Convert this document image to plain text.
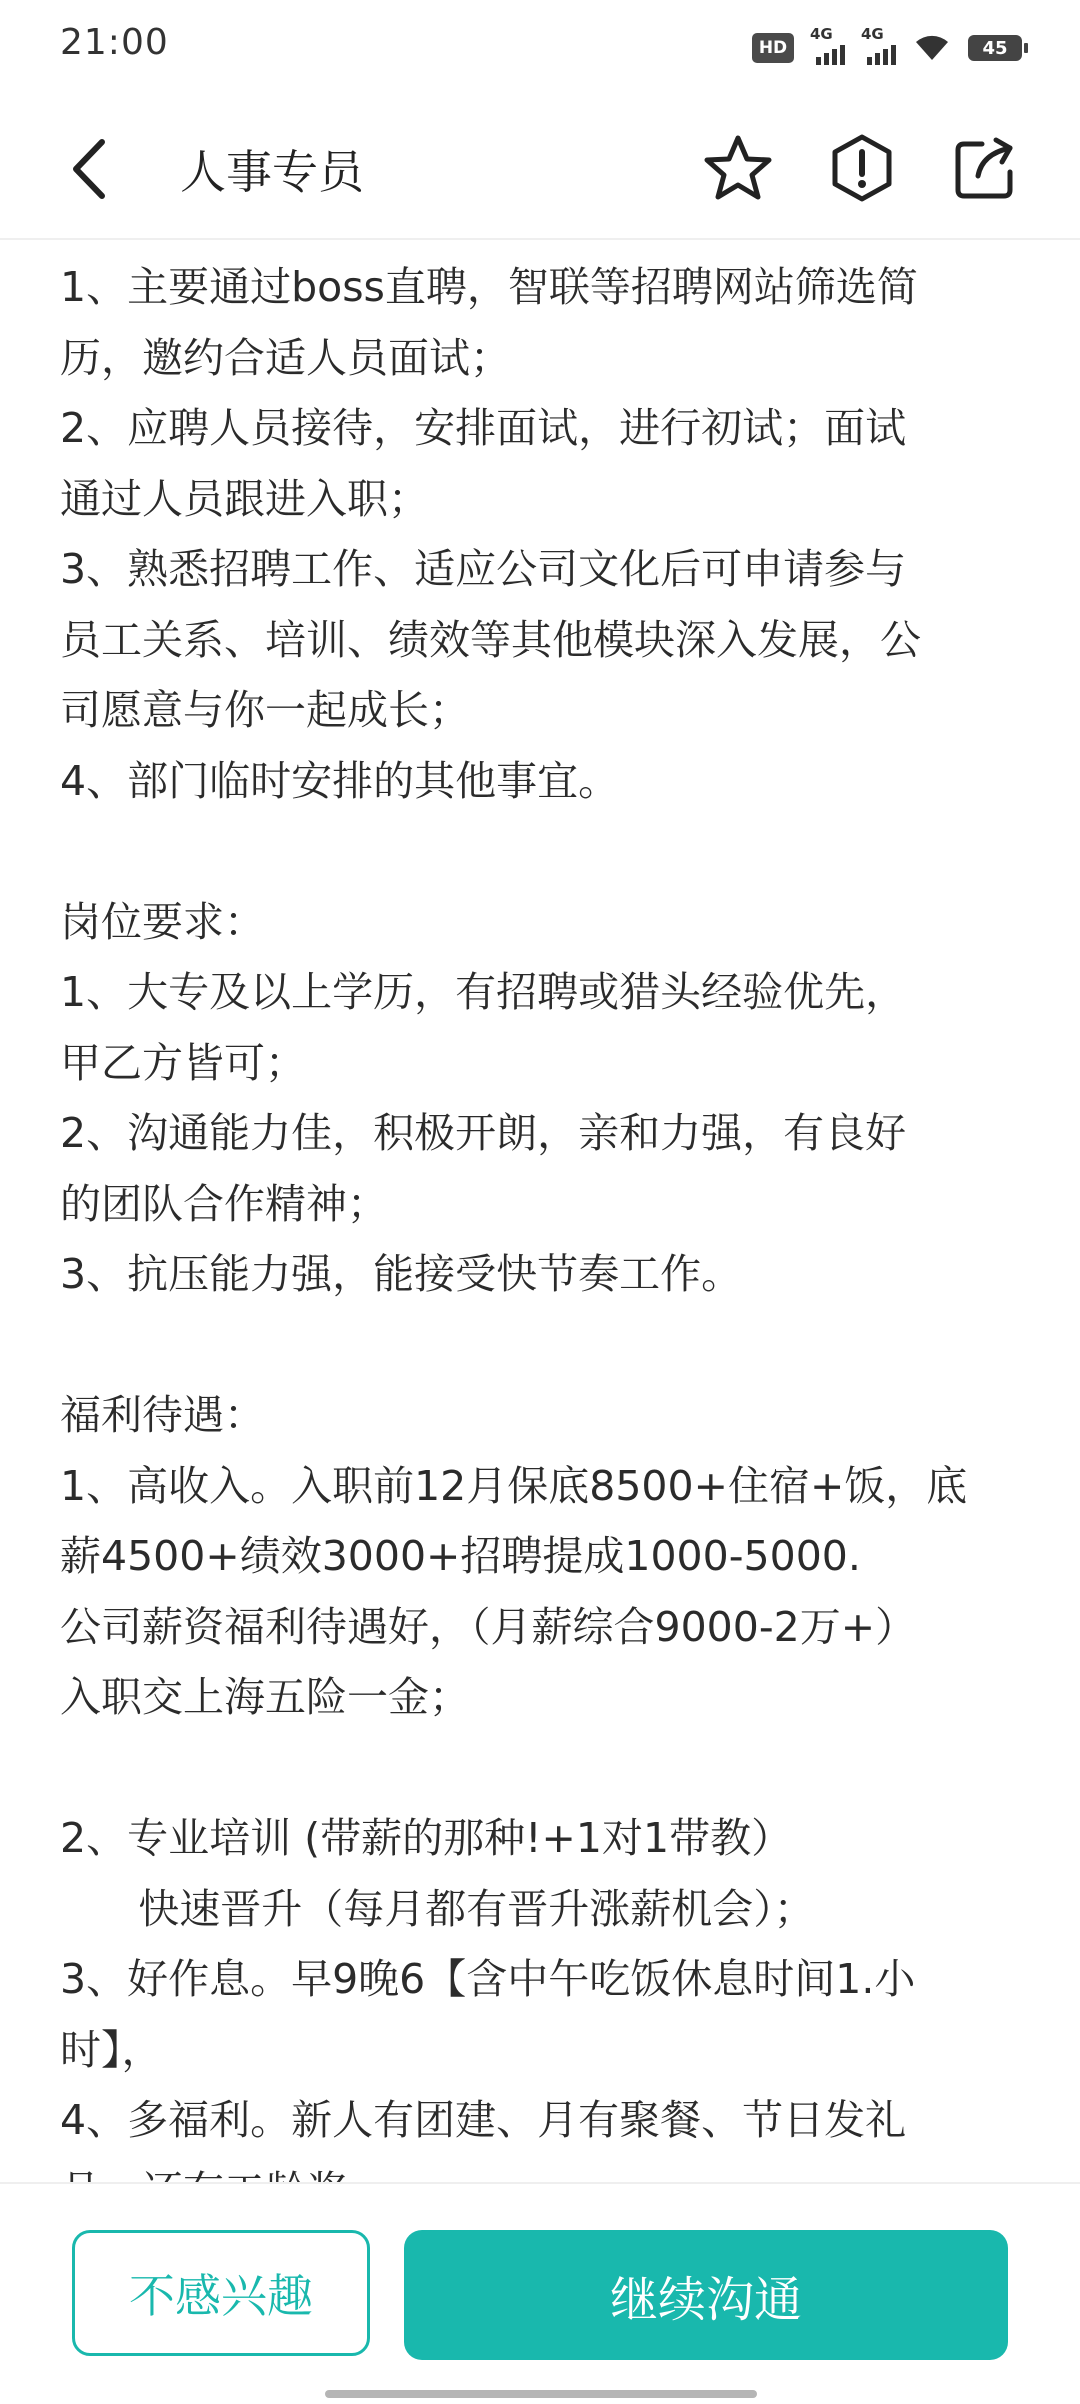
21:00	HD
4G 4G
45
人事专员
1、主要通过boss直聘，智联等招聘网站筛选简
历，邀约合适人员面试；
2、应聘人员接待，安排面试，进行初试；面试
通过人员跟进入职；
3、熟悉招聘工作、适应公司文化后可申请参与
员工关系、培训、绩效等其他模块深入发展，公
司愿意与你一起成长；
4、部门临时安排的其他事宜。
岗位要求：
1、大专及以上学历，有招聘或猎头经验优先，
甲乙方皆可；
2、沟通能力佳，积极开朗，亲和力强，有良好
的团队合作精神；
3、抗压能力强，能接受快节奏工作。
福利待遇：
1、高收入。入职前12月保底8500+住宿+饭，底
薪4500+绩效3000+招聘提成1000-5000.
公司薪资福利待遇好，（月薪综合9000-2万+）
入职交上海五险一金；
2、专业培训 (带薪的那种!+1对1带教）
快速晋升（每月都有晋升涨薪机会）；
3、好作息。早9晚6【含中午吃饭休息时间1.小
时】，
4、多福利。新人有团建、月有聚餐、节日发礼
不感兴趣	继续沟通
